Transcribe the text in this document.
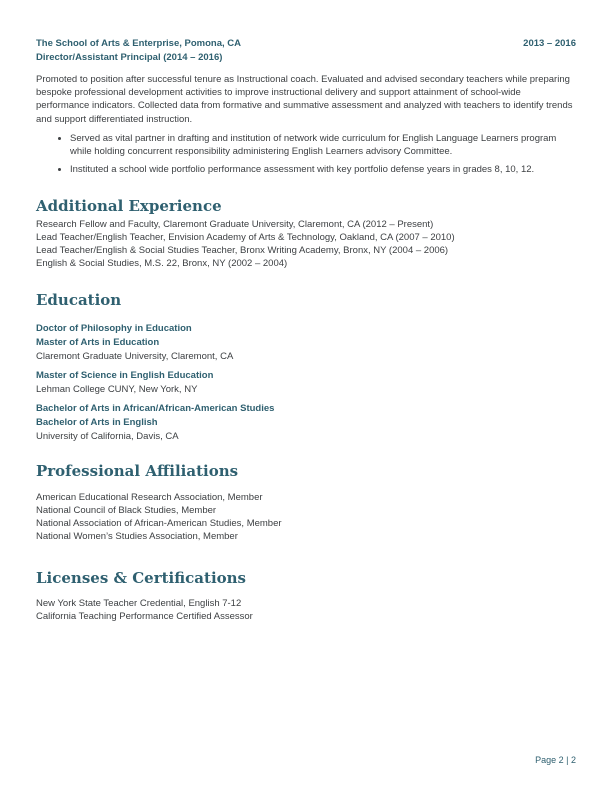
The School of Arts & Enterprise, Pomona, CA	2013 – 2016
Director/Assistant Principal (2014 – 2016)

Promoted to position after successful tenure as Instructional coach. Evaluated and advised secondary teachers while preparing bespoke professional development activities to improve instructional delivery and support attainment of school-wide performance indicators. Collected data from formative and summative assessment and analyzed with teachers to identify trends and support differentiated instruction.

• Served as vital partner in drafting and institution of network wide curriculum for English Language Learners program while holding concurrent responsibility administering English Learners advisory Committee.
• Instituted a school wide portfolio performance assessment with key portfolio defense years in grades 8, 10, 12.
Additional Experience
Research Fellow and Faculty, Claremont Graduate University, Claremont, CA (2012 – Present)
Lead Teacher/English Teacher, Envision Academy of Arts & Technology, Oakland, CA (2007 – 2010)
Lead Teacher/English & Social Studies Teacher, Bronx Writing Academy, Bronx, NY (2004 – 2006)
English & Social Studies, M.S. 22, Bronx, NY (2002 – 2004)
Education
Doctor of Philosophy in Education
Master of Arts in Education
Claremont Graduate University, Claremont, CA
Master of Science in English Education
Lehman College CUNY, New York, NY
Bachelor of Arts in African/African-American Studies
Bachelor of Arts in English
University of California, Davis, CA
Professional Affiliations
American Educational Research Association, Member
National Council of Black Studies, Member
National Association of African-American Studies, Member
National Women’s Studies Association, Member
Licenses & Certifications
New York State Teacher Credential, English 7-12
California Teaching Performance Certified Assessor
Page 2 | 2
